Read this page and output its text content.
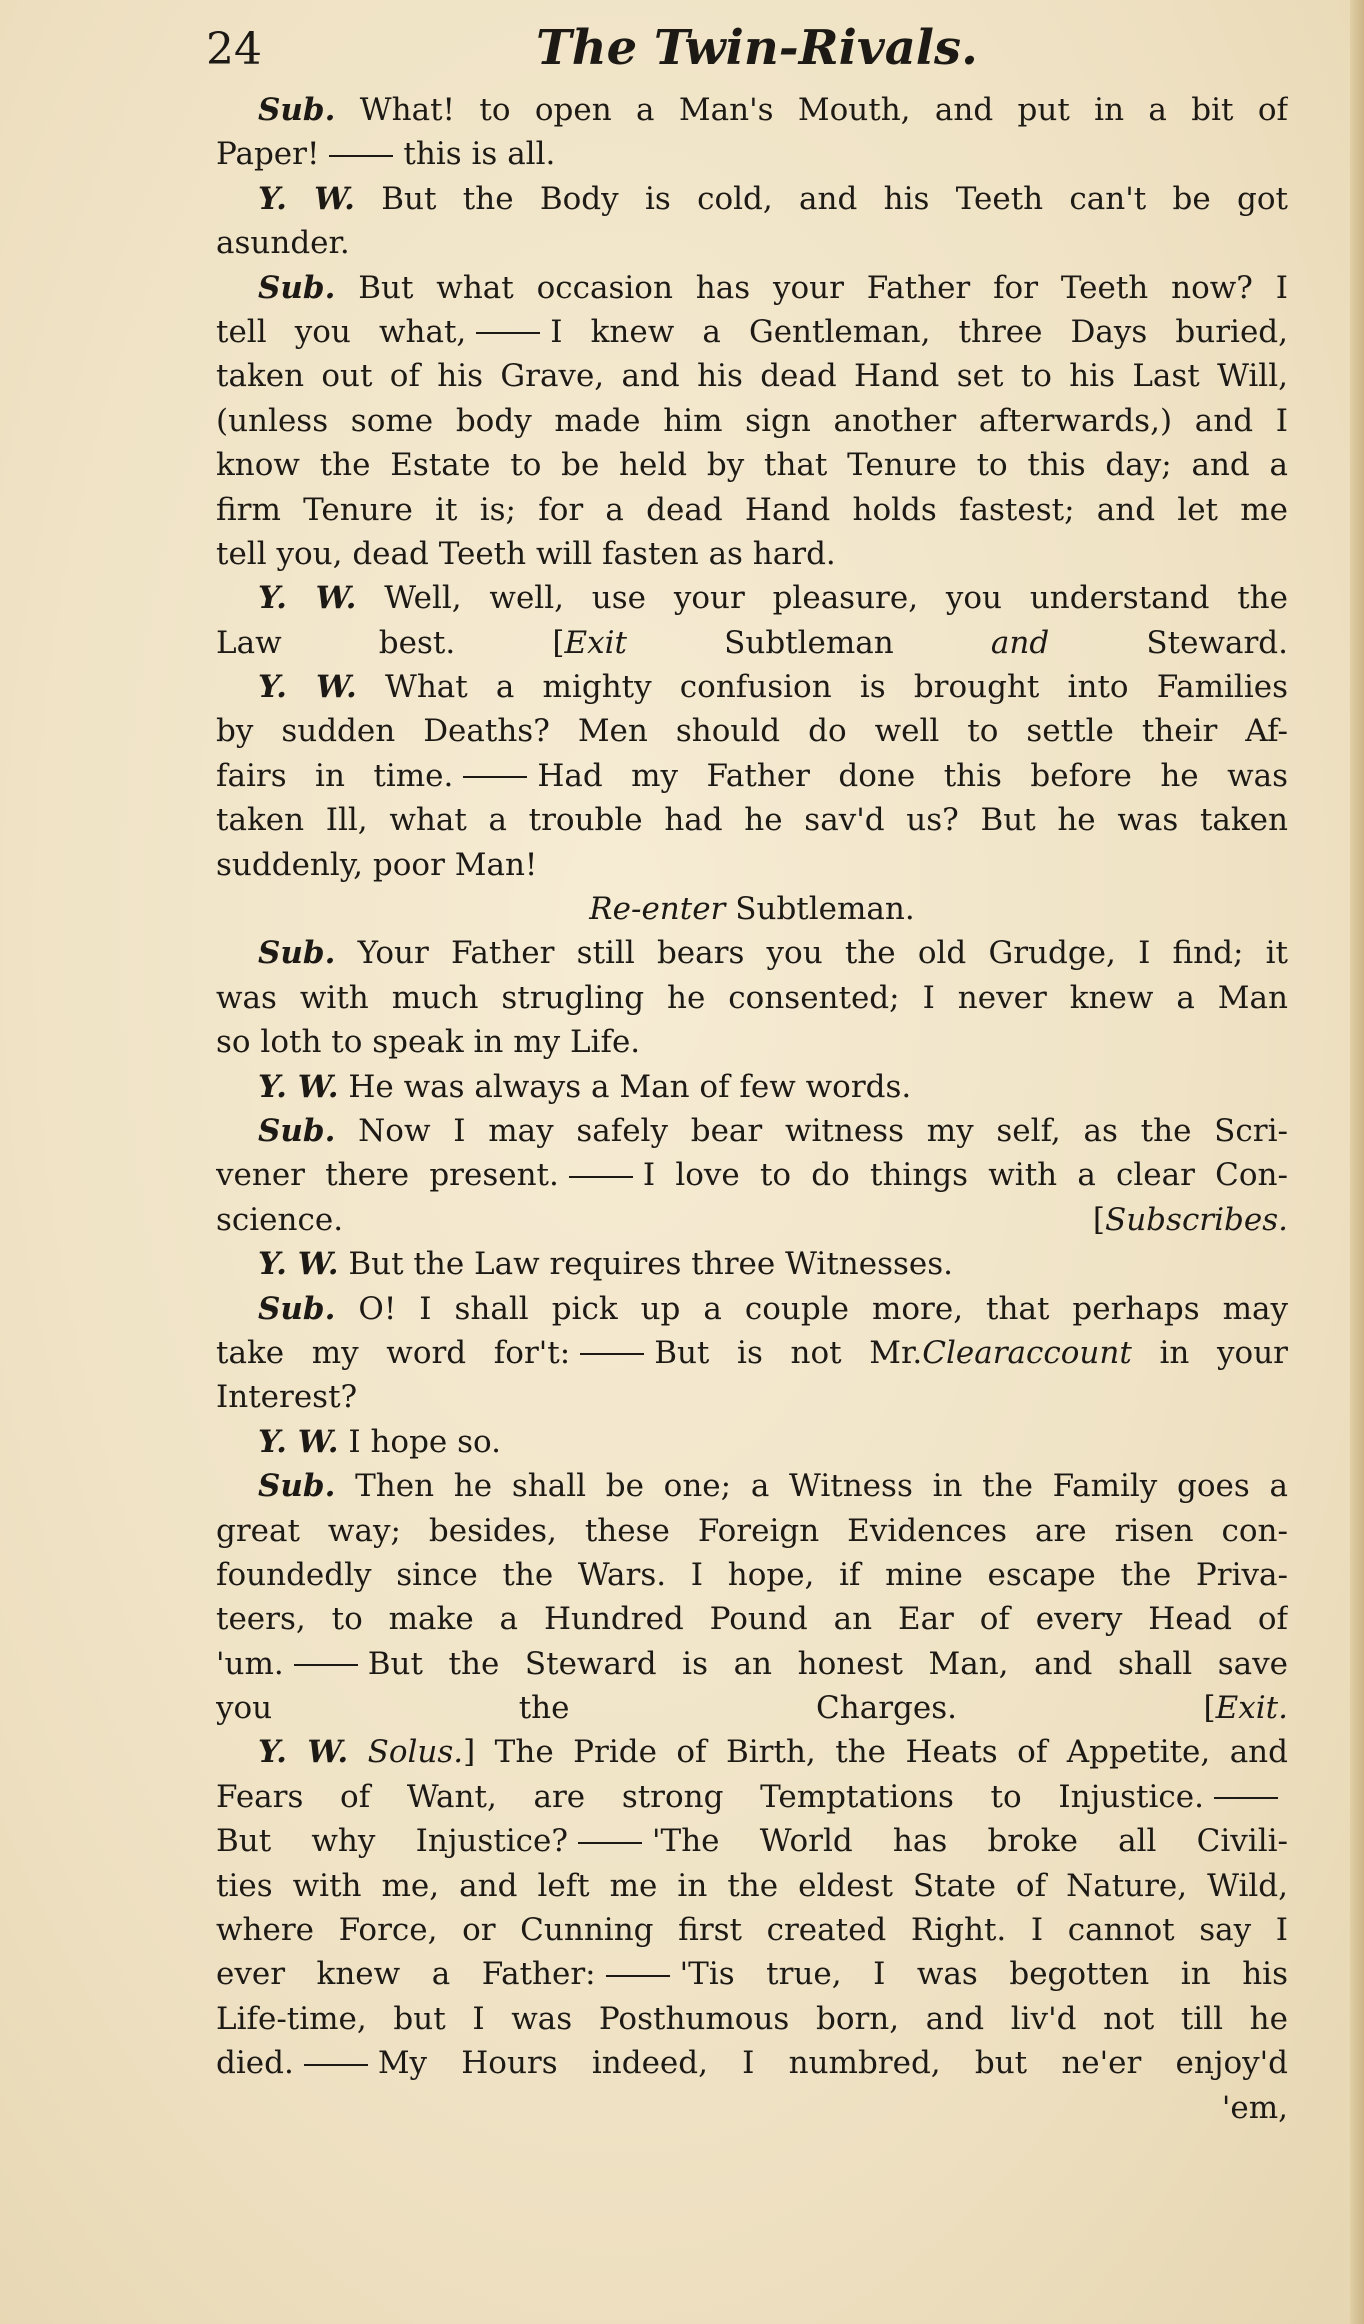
24	The Twin-Rivals.
Sub. What! to open a Man's Mouth, and put in a bit of
Paper!	this is all.
Y. W. But the Body is cold, and his Teeth can't be got
asunder.
Sub. But what occasion has your Father for Teeth now? I
tell you what,	I knew a Gentleman, three Days buried,
taken out of his Grave, and his dead Hand set to his Last Will,
(unless some body made him sign another afterwards,) and I
know the Estate to be held by that Tenure to this day; and a
firm Tenure it is; for a dead Hand holds fastest; and let me
tell you, dead Teeth will fasten as hard.
Y. W. Well, well, use your pleasure, you understand the
Law best. [Exit Subtleman and Steward.
Y. W. What a mighty confusion is brought into Families
by sudden Deaths? Men should do well to settle their Af-
fairs in time.	Had my Father done this before he was
taken Ill, what a trouble had he sav'd us? But he was taken
suddenly, poor Man!
Re-enter Subtleman.
Sub. Your Father still bears you the old Grudge, I find; it
was with much strugling he consented; I never knew a Man
so loth to speak in my Life.
Y. W. He was always a Man of few words.
Sub. Now I may safely bear witness my self, as the Scri-
vener there present.	I love to do things with a clear Con-
science. [Subscribes.
Y. W. But the Law requires three Witnesses.
Sub. O! I shall pick up a couple more, that perhaps may
take my word for't:	But is not Mr.Clearaccount in your
Interest?
Y. W. I hope so.
Sub. Then he shall be one; a Witness in the Family goes a
great way; besides, these Foreign Evidences are risen con-
foundedly since the Wars. I hope, if mine escape the Priva-
teers, to make a Hundred Pound an Ear of every Head of
'um.	But the Steward is an honest Man, and shall save
you the Charges. [Exit.
Y. W. Solus.] The Pride of Birth, the Heats of Appetite, and
Fears of Want, are strong Temptations to Injustice.
But why Injustice?	'The World has broke all Civili-
ties with me, and left me in the eldest State of Nature, Wild,
where Force, or Cunning first created Right. I cannot say I
ever knew a Father:	'Tis true, I was begotten in his
Life-time, but I was Posthumous born, and liv'd not till he
died.	My Hours indeed, I numbred, but ne'er enjoy'd
'em,
